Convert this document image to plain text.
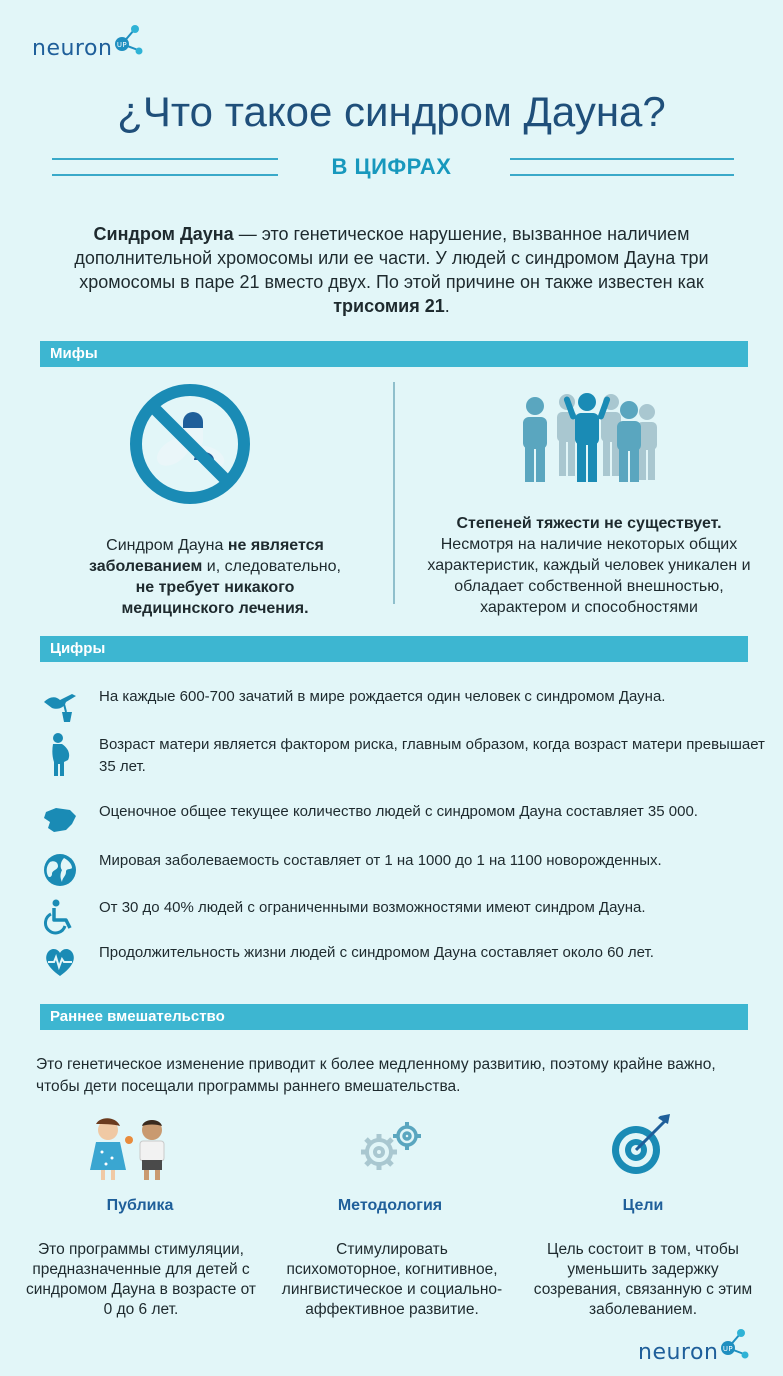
neuron UP
¿Что такое синдром Дауна?
В ЦИФРАХ
Синдром Дауна — это генетическое нарушение, вызванное наличием дополнительной хромосомы или ее части. У людей с синдромом Дауна три хромосомы в паре 21 вместо двух. По этой причине он также известен как трисомия 21.
Мифы
Синдром Дауна не является заболеванием и, следовательно, не требует никакого медицинского лечения.
Степеней тяжести не существует.
Несмотря на наличие некоторых общих характеристик, каждый человек уникален и обладает собственной внешностью, характером и способностями
Цифры
На каждые 600-700 зачатий в мире рождается один человек с синдромом Дауна.
Возраст матери является фактором риска, главным образом, когда возраст матери превышает 35 лет.
Оценочное общее текущее количество людей с синдромом Дауна составляет 35 000.
Мировая заболеваемость составляет от 1 на 1000 до 1 на 1100 новорожденных.
От 30 до 40% людей с ограниченными возможностями имеют синдром Дауна.
Продолжительность жизни людей с синдромом Дауна составляет около 60 лет.
Раннее вмешательство
Это генетическое изменение приводит к более медленному развитию, поэтому крайне важно, чтобы дети посещали программы раннего вмешательства.
Публика	Методология	Цели
Это программы стимуляции, предназначенные для детей с синдромом Дауна в возрасте от 0 до 6 лет.
Стимулировать психомоторное, когнитивное, лингвистическое и социально-аффективное развитие.
Цель состоит в том, чтобы уменьшить задержку созревания, связанную с этим заболеванием.
neuron UP
